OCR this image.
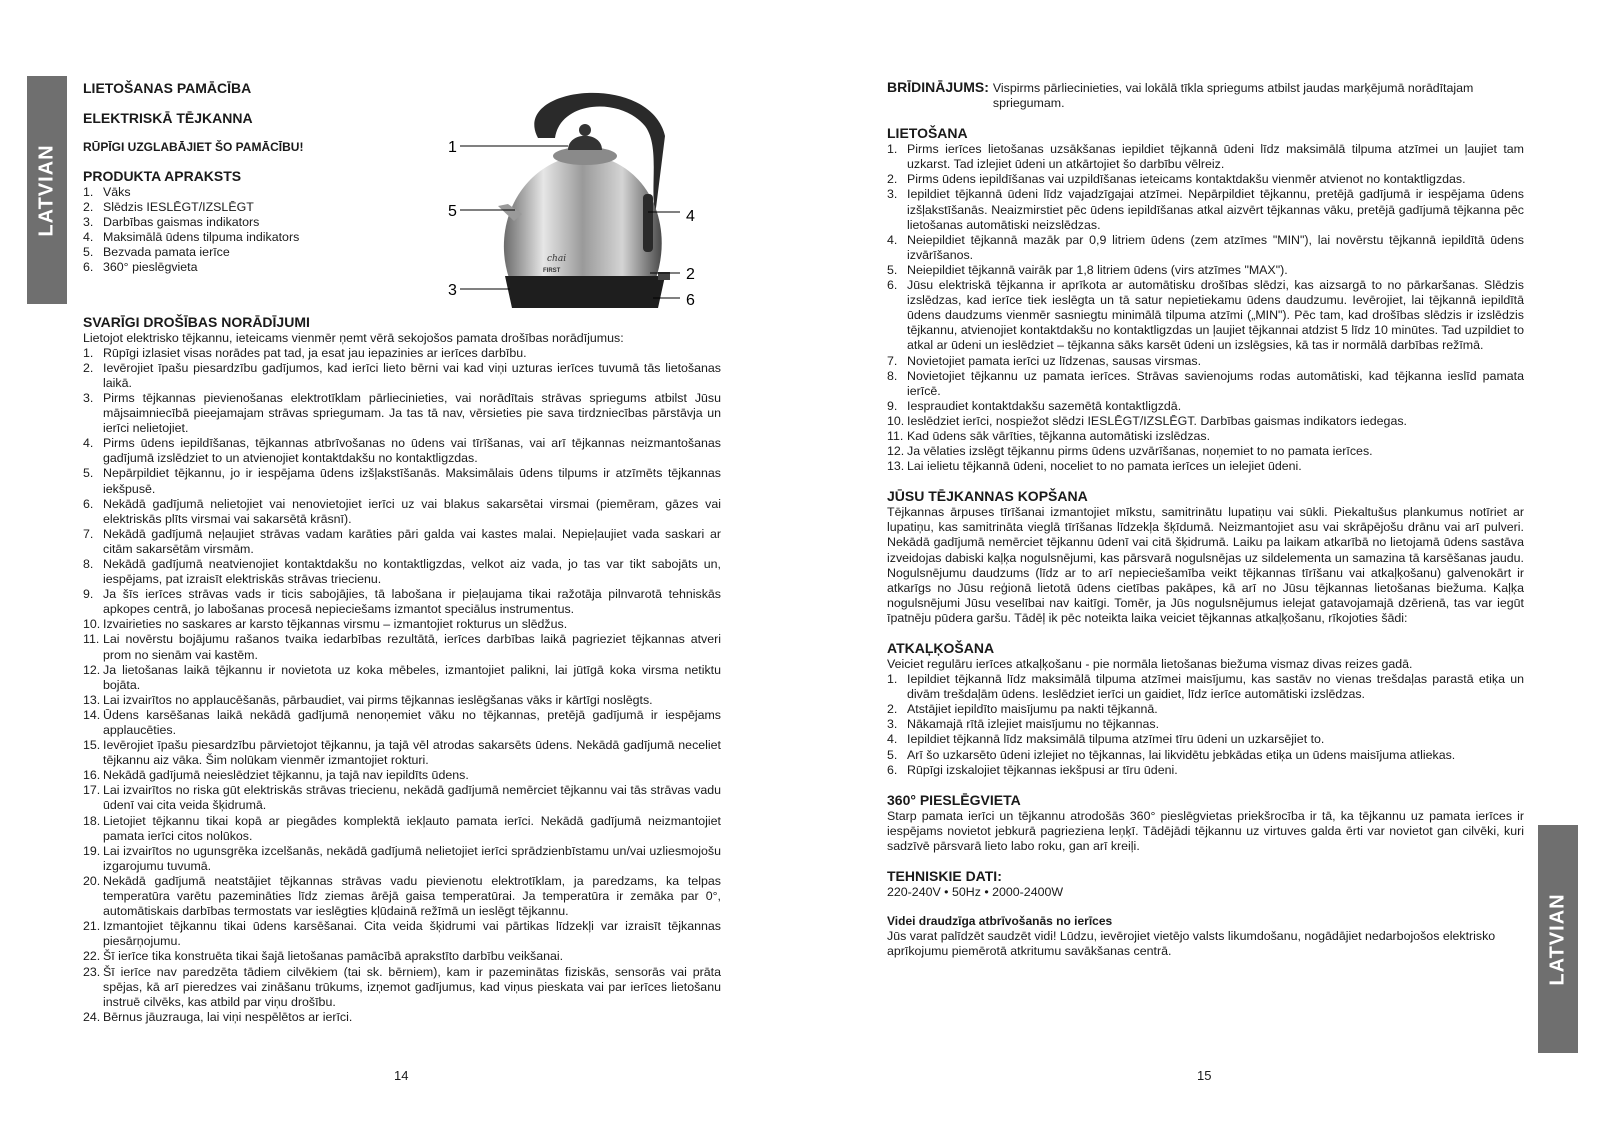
LATVIAN
LIETOŠANAS PAMĀCĪBA
ELEKTRISKĀ TĒJKANNA
RŪPĪGI UZGLABĀJIET ŠO PAMĀCĪBU!
PRODUKTA APRAKSTS
1. Vāks
2. Slēdzis IESLĒGT/IZSLĒGT
3. Darbības gaismas indikators
4. Maksimālā ūdens tilpuma indikators
5. Bezvada pamata ierīce
6. 360° pieslēgvieta
SVARĪGI DROŠĪBAS NORĀDĪJUMI

Lietojot elektrisko tējkannu, ieteicams vienmēr ņemt vērā sekojošos pamata drošības norādījumus:

1. Rūpīgi izlasiet visas norādes pat tad, ja esat jau iepazinies ar ierīces darbību.
2. Ievērojiet īpašu piesardzību gadījumos, kad ierīci lieto bērni vai kad viņi uzturas ierīces tuvumā tās lietošanas laikā.
3. Pirms tējkannas pievienošanas elektrotīklam pārliecinieties, vai norādītais strāvas spriegums atbilst Jūsu mājsaimniecībā pieejamajam strāvas spriegumam. Ja tas tā nav, vērsieties pie sava tirdzniecības pārstāvja un ierīci nelietojiet.
4. Pirms ūdens iepildīšanas, tējkannas atbrīvošanas no ūdens vai tīrīšanas, vai arī tējkannas neizmantošanas gadījumā izslēdziet to un atvienojiet kontaktdakšu no kontaktligzdas.
5. Nepārpildiet tējkannu, jo ir iespējama ūdens izšļakstīšanās. Maksimālais ūdens tilpums ir atzīmēts tējkannas iekšpusē.
6. Nekādā gadījumā nelietojiet vai nenovietojiet ierīci uz vai blakus sakarsētai virsmai (piemēram, gāzes vai elektriskās plīts virsmai vai sakarsētā krāsnī).
7. Nekādā gadījumā neļaujiet strāvas vadam karāties pāri galda vai kastes malai. Nepieļaujiet vada saskari ar citām sakarsētām virsmām.
8. Nekādā gadījumā neatvienojiet kontaktdakšu no kontaktligzdas, velkot aiz vada, jo tas var tikt sabojāts un, iespējams, pat izraisīt elektriskās strāvas triecienu.
9. Ja šīs ierīces strāvas vads ir ticis sabojājies, tā labošana ir pieļaujama tikai ražotāja pilnvarotā tehniskās apkopes centrā, jo labošanas procesā nepieciešams izmantot speciālus instrumentus.
10. Izvairieties no saskares ar karsto tējkannas virsmu – izmantojiet rokturus un slēdžus.
11. Lai novērstu bojājumu rašanos tvaika iedarbības rezultātā, ierīces darbības laikā pagrieziet tējkannas atveri prom no sienām vai kastēm.
12. Ja lietošanas laikā tējkannu ir novietota uz koka mēbeles, izmantojiet palikni, lai jūtīgā koka virsma netiktu bojāta.
13. Lai izvairītos no applaucēšanās, pārbaudiet, vai pirms tējkannas ieslēgšanas vāks ir kārtīgi noslēgts.
14. Ūdens karsēšanas laikā nekādā gadījumā nenoņemiet vāku no tējkannas, pretējā gadījumā ir iespējams applaucēties.
15. Ievērojiet īpašu piesardzību pārvietojot tējkannu, ja tajā vēl atrodas sakarsēts ūdens. Nekādā gadījumā neceliet tējkannu aiz vāka. Šim nolūkam vienmēr izmantojiet rokturi.
16. Nekādā gadījumā neieslēdziet tējkannu, ja tajā nav iepildīts ūdens.
17. Lai izvairītos no riska gūt elektriskās strāvas triecienu, nekādā gadījumā nemērciet tējkannu vai tās strāvas vadu ūdenī vai cita veida šķidrumā.
18. Lietojiet tējkannu tikai kopā ar piegādes komplektā iekļauto pamata ierīci. Nekādā gadījumā neizmantojiet pamata ierīci citos nolūkos.
19. Lai izvairītos no ugunsgrēka izcelšanās, nekādā gadījumā nelietojiet ierīci sprādzienbīstamu un/vai uzliesmojošu izgarojumu tuvumā.
20. Nekādā gadījumā neatstājiet tējkannas strāvas vadu pievienotu elektrotīklam, ja paredzams, ka telpas temperatūra varētu pazemināties līdz ziemas ārējā gaisa temperatūrai. Ja temperatūra ir zemāka par 0°, automātiskais darbības termostats var ieslēgties kļūdainā režīmā un ieslēgt tējkannu.
21. Izmantojiet tējkannu tikai ūdens karsēšanai. Cita veida šķidrumi vai pārtikas līdzekļi var izraisīt tējkannas piesārņojumu.
22. Šī ierīce tika konstruēta tikai šajā lietošanas pamācībā aprakstīto darbību veikšanai.
23. Šī ierīce nav paredzēta tādiem cilvēkiem (tai sk. bērniem), kam ir pazeminātas fiziskās, sensorās vai prāta spējas, kā arī pieredzes vai zināšanu trūkums, izņemot gadījumus, kad viņus pieskata vai par ierīces lietošanu instruē cilvēks, kas atbild par viņu drošību.
24. Bērnus jāuzrauga, lai viņi nespēlētos ar ierīci.
chai
FIRST
1
5
3
4
2
6
14
LATVIAN
15
BRĪDINĀJUMS: Vispirms pārliecinieties, vai lokālā tīkla spriegums atbilst jaudas marķējumā norādītajam spriegumam.
LIETOŠANA
1. Pirms ierīces lietošanas uzsākšanas iepildiet tējkannā ūdeni līdz maksimālā tilpuma atzīmei un ļaujiet tam uzkarst. Tad izlejiet ūdeni un atkārtojiet šo darbību vēlreiz.
2. Pirms ūdens iepildīšanas vai uzpildīšanas ieteicams kontaktdakšu vienmēr atvienot no kontaktligzdas.
3. Iepildiet tējkannā ūdeni līdz vajadzīgajai atzīmei. Nepārpildiet tējkannu, pretējā gadījumā ir iespējama ūdens izšļakstīšanās. Neaizmirstiet pēc ūdens iepildīšanas atkal aizvērt tējkannas vāku, pretējā gadījumā tējkanna pēc lietošanas automātiski neizslēdzas.
4. Neiepildiet tējkannā mazāk par 0,9 litriem ūdens (zem atzīmes "MIN"), lai novērstu tējkannā iepildītā ūdens izvārīšanos.
5. Neiepildiet tējkannā vairāk par 1,8 litriem ūdens (virs atzīmes "MAX").
6. Jūsu elektriskā tējkanna ir aprīkota ar automātisku drošības slēdzi, kas aizsargā to no pārkaršanas. Slēdzis izslēdzas, kad ierīce tiek ieslēgta un tā satur nepietiekamu ūdens daudzumu. Ievērojiet, lai tējkannā iepildītā ūdens daudzums vienmēr sasniegtu minimālā tilpuma atzīmi („MIN"). Pēc tam, kad drošības slēdzis ir izslēdzis tējkannu, atvienojiet kontaktdakšu no kontaktligzdas un ļaujiet tējkannai atdzist 5 līdz 10 minūtes. Tad uzpildiet to atkal ar ūdeni un ieslēdziet – tējkanna sāks karsēt ūdeni un izslēgsies, kā tas ir normālā darbības režīmā.
7. Novietojiet pamata ierīci uz līdzenas, sausas virsmas.
8. Novietojiet tējkannu uz pamata ierīces. Strāvas savienojums rodas automātiski, kad tējkanna ieslīd pamata ierīcē.
9. Iespraudiet kontaktdakšu sazemētā kontaktligzdā.
10. Ieslēdziet ierīci, nospiežot slēdzi IESLĒGT/IZSLĒGT. Darbības gaismas indikators iedegas.
11. Kad ūdens sāk vārīties, tējkanna automātiski izslēdzas.
12. Ja vēlaties izslēgt tējkannu pirms ūdens uzvārīšanas, noņemiet to no pamata ierīces.
13. Lai ielietu tējkannā ūdeni, noceliet to no pamata ierīces un ielejiet ūdeni.
JŪSU TĒJKANNAS KOPŠANA

Tējkannas ārpuses tīrīšanai izmantojiet mīkstu, samitrinātu lupatiņu vai sūkli. Piekaltušus plankumus notīriet ar lupatiņu, kas samitrināta vieglā tīrīšanas līdzekļa šķīdumā. Neizmantojiet asu vai skrāpējošu drānu vai arī pulveri. Nekādā gadījumā nemērciet tējkannu ūdenī vai citā šķidrumā. Laiku pa laikam atkarībā no lietojamā ūdens sastāva izveidojas dabiski kaļķa nogulsnējumi, kas pārsvarā nogulsnējas uz sildelementa un samazina tā karsēšanas jaudu. Nogulsnējumu daudzums (līdz ar to arī nepieciešamība veikt tējkannas tīrīšanu vai atkaļķošanu) galvenokārt ir atkarīgs no Jūsu reģionā lietotā ūdens cietības pakāpes, kā arī no Jūsu tējkannas lietošanas biežuma. Kaļķa nogulsnējumi Jūsu veselībai nav kaitīgi. Tomēr, ja Jūs nogulsnējumus ielejat gatavojamajā dzērienā, tas var iegūt īpatnēju pūdera garšu. Tādēļ ik pēc noteikta laika veiciet tējkannas atkaļķošanu, rīkojoties šādi:

ATKAĻĶOŠANA

Veiciet regulāru ierīces atkaļķošanu - pie normāla lietošanas biežuma vismaz divas reizes gadā.

1. Iepildiet tējkannā līdz maksimālā tilpuma atzīmei maisījumu, kas sastāv no vienas trešdaļas parastā etiķa un divām trešdaļām ūdens. Ieslēdziet ierīci un gaidiet, līdz ierīce automātiski izslēdzas.
2. Atstājiet iepildīto maisījumu pa nakti tējkannā.
3. Nākamajā rītā izlejiet maisījumu no tējkannas.
4. Iepildiet tējkannā līdz maksimālā tilpuma atzīmei tīru ūdeni un uzkarsējiet to.
5. Arī šo uzkarsēto ūdeni izlejiet no tējkannas, lai likvidētu jebkādas etiķa un ūdens maisījuma atliekas.
6. Rūpīgi izskalojiet tējkannas iekšpusi ar tīru ūdeni.
360° PIESLĒGVIETA

Starp pamata ierīci un tējkannu atrodošās 360° pieslēgvietas priekšrocība ir tā, ka tējkannu uz pamata ierīces ir iespējams novietot jebkurā pagrieziena leņķī. Tādējādi tējkannu uz virtuves galda ērti var novietot gan cilvēki, kuri sadzīvē pārsvarā lieto labo roku, gan arī kreiļi.

TEHNISKIE DATI:

220-240V • 50Hz • 2000-2400W

Videi draudzīga atbrīvošanās no ierīces

Jūs varat palīdzēt saudzēt vidi! Lūdzu, ievērojiet vietējo valsts likumdošanu, nogādājiet nedarbojošos elektrisko aprīkojumu piemērotā atkritumu savākšanas centrā.
